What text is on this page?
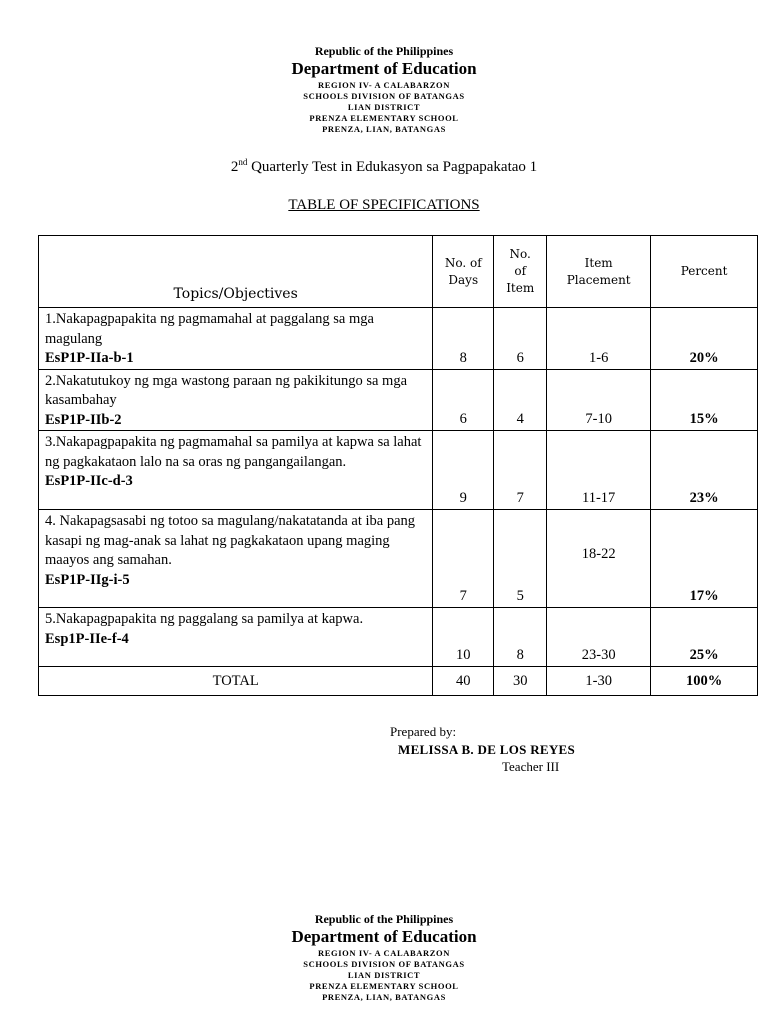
Republic of the Philippines
Department of Education
REGION IV- A CALABARZON
SCHOOLS DIVISION OF BATANGAS
LIAN DISTRICT
PRENZA ELEMENTARY SCHOOL
PRENZA, LIAN, BATANGAS
2nd Quarterly Test in Edukasyon sa Pagpapakatao 1
TABLE OF SPECIFICATIONS
Topics/Objectives	No. of Days	No. of Item	Item Placement	Percent
1.Nakapagpapakita ng pagmamahal at paggalang sa mga magulang
EsP1P-IIa-b-1	8	6	1-6	20%
2.Nakatutukoy ng mga wastong paraan ng pakikitungo sa mga kasambahay
EsP1P-IIb-2	6	4	7-10	15%
3.Nakapagpapakita ng pagmamahal sa pamilya at kapwa sa lahat ng pagkakataon lalo na sa oras ng pangangailangan.
EsP1P-IIc-d-3	9	7	11-17	23%
4. Nakapagsasabi ng totoo sa magulang/nakatatanda at iba pang kasapi ng mag-anak sa lahat ng pagkakataon upang maging maayos ang samahan.
EsP1P-IIg-i-5	7	5	18-22	17%
5.Nakapagpapakita ng paggalang sa pamilya at kapwa.
Esp1P-IIe-f-4	10	8	23-30	25%
TOTAL	40	30	1-30	100%
Prepared by:
MELISSA B. DE LOS REYES
Teacher III
Republic of the Philippines
Department of Education
REGION IV- A CALABARZON
SCHOOLS DIVISION OF BATANGAS
LIAN DISTRICT
PRENZA ELEMENTARY SCHOOL
PRENZA, LIAN, BATANGAS
